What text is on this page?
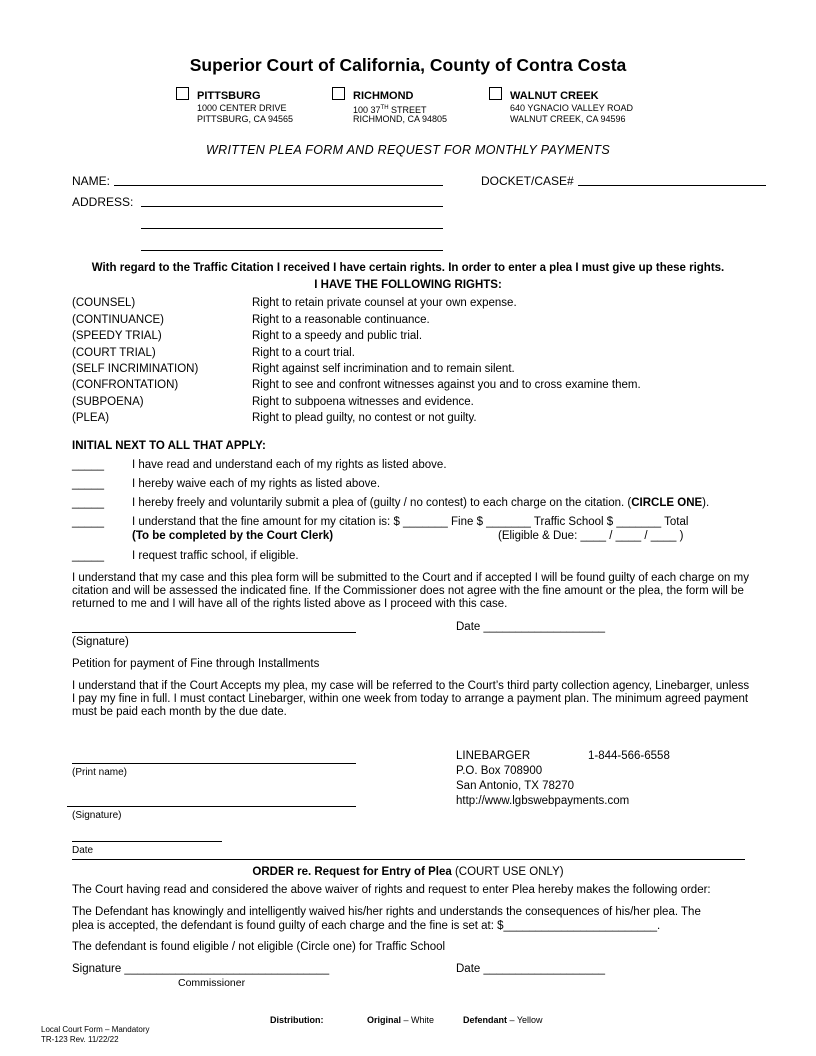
Superior Court of California, County of Contra Costa
PITTSBURG
1000 CENTER DRIVE
PITTSBURG, CA 94565
RICHMOND
100 37TH STREET
RICHMOND, CA 94805
WALNUT CREEK
640 YGNACIO VALLEY ROAD
WALNUT CREEK, CA 94596
WRITTEN PLEA FORM AND REQUEST FOR MONTHLY PAYMENTS
NAME:	DOCKET/CASE#
ADDRESS:
With regard to the Traffic Citation I received I have certain rights. In order to enter a plea I must give up these rights.
I HAVE THE FOLLOWING RIGHTS:
(COUNSEL)	Right to retain private counsel at your own expense.
(CONTINUANCE)	Right to a reasonable continuance.
(SPEEDY TRIAL)	Right to a speedy and public trial.
(COURT TRIAL)	Right to a court trial.
(SELF INCRIMINATION)	Right against self incrimination and to remain silent.
(CONFRONTATION)	Right to see and confront witnesses against you and to cross examine them.
(SUBPOENA)	Right to subpoena witnesses and evidence.
(PLEA)	Right to plead guilty, no contest or not guilty.
INITIAL NEXT TO ALL THAT APPLY:
_____ I have read and understand each of my rights as listed above.
_____ I hereby waive each of my rights as listed above.
_____ I hereby freely and voluntarily submit a plea of (guilty / no contest) to each charge on the citation. (CIRCLE ONE).
_____ I understand that the fine amount for my citation is: $ _______ Fine $ _______ Traffic School $ _______ Total
(To be completed by the Court Clerk)	(Eligible & Due: ____ / ____ / ____ )
_____ I request traffic school, if eligible.
I understand that my case and this plea form will be submitted to the Court and if accepted I will be found guilty of each charge on my citation and will be assessed the indicated fine. If the Commissioner does not agree with the fine amount or the plea, the form will be returned to me and I will have all of the rights listed above as I proceed with this case.
Date ___________________
(Signature)
Petition for payment of Fine through Installments
I understand that if the Court Accepts my plea, my case will be referred to the Court’s third party collection agency, Linebarger, unless I pay my fine in full. I must contact Linebarger, within one week from today to arrange a payment plan. The minimum agreed payment must be paid each month by the due date.
(Print name)
(Signature)
Date
LINEBARGER	1-844-566-6558
P.O. Box 708900
San Antonio, TX 78270
http://www.lgbswebpayments.com
ORDER re. Request for Entry of Plea (COURT USE ONLY)
The Court having read and considered the above waiver of rights and request to enter Plea hereby makes the following order:
The Defendant has knowingly and intelligently waived his/her rights and understands the consequences of his/her plea. The
plea is accepted, the defendant is found guilty of each charge and the fine is set at: $________________________.
The defendant is found eligible / not eligible (Circle one) for Traffic School
Signature ________________________________	Date ___________________
Commissioner
Distribution:	Original – White	Defendant – Yellow
Local Court Form – Mandatory
TR-123 Rev. 11/22/22
